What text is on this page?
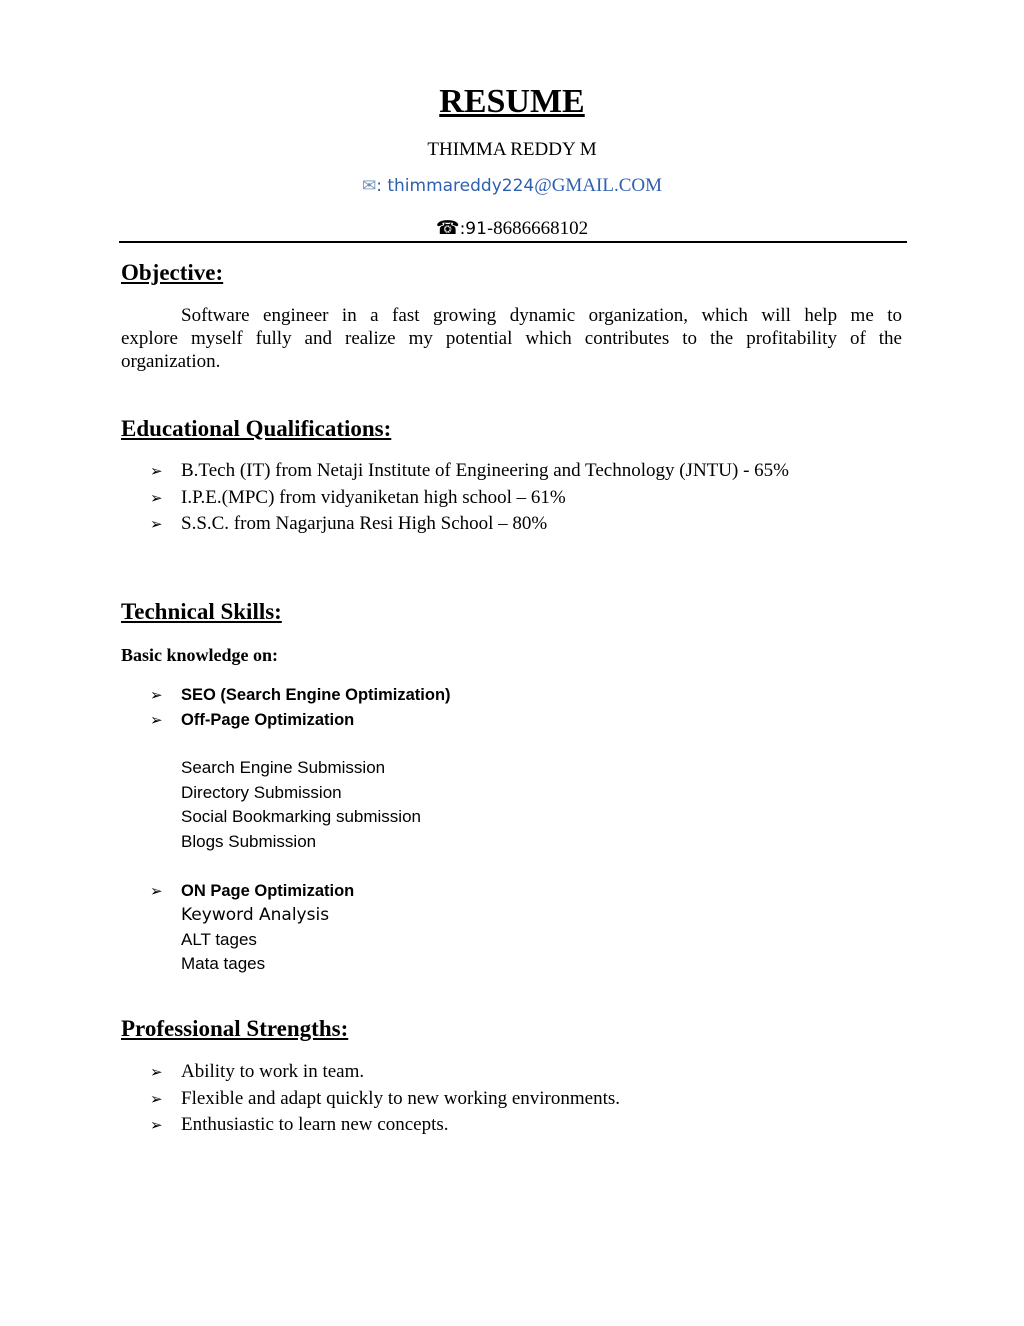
RESUME
THIMMA REDDY M
✉: thimmareddy224@GMAIL.COM
☎:91-8686668102
Objective:
Software engineer in a fast growing dynamic organization, which will help me to
explore myself fully and realize my potential which contributes to the profitability of the
organization.
Educational Qualifications:
➢ B.Tech (IT) from Netaji Institute of Engineering and Technology (JNTU) - 65%
➢ I.P.E.(MPC) from vidyaniketan high school – 61%
➢ S.S.C. from Nagarjuna Resi High School – 80%
Technical Skills:
Basic knowledge on:
➢ SEO (Search Engine Optimization)
➢ Off-Page Optimization
Search Engine Submission
Directory Submission
Social Bookmarking submission
Blogs Submission
➢ ON Page Optimization
Keyword Analysis
ALT tages
Mata tages
Professional Strengths:
➢ Ability to work in team.
➢ Flexible and adapt quickly to new working environments.
➢ Enthusiastic to learn new concepts.
